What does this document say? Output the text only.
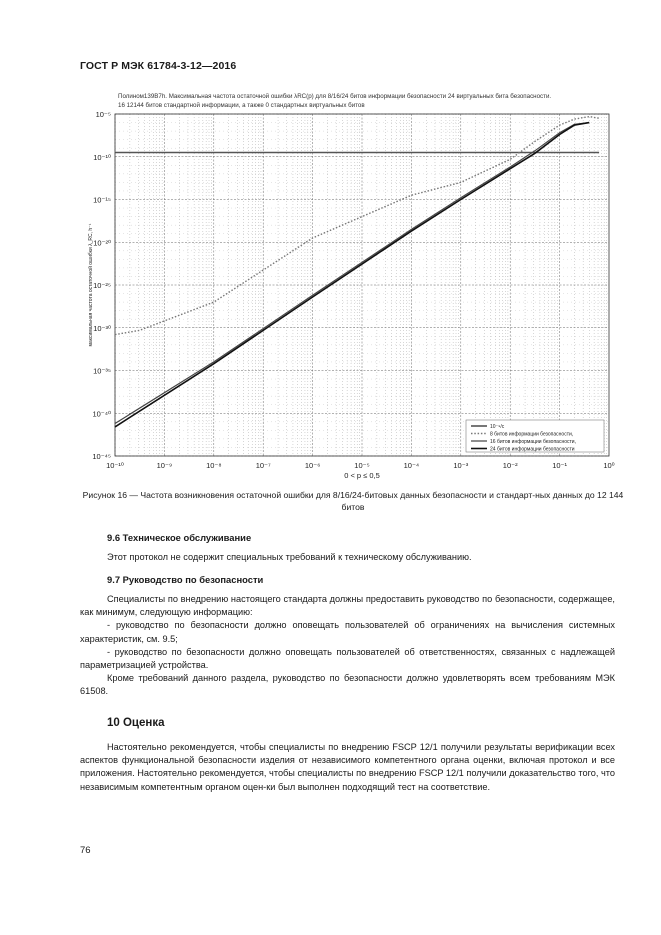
ГОСТ Р МЭК 61784-3-12—2016
Полином139B7h. Максимальная частота остаточной ошибки λRC(p) для 8/16/24 битов информации безопасности 24 виртуальных бита безопасности.
16 12144 битов стандартной информации, а также 0 стандартных виртуальных битов
10⁻¹⁰	10⁻⁹	10⁻⁸	10⁻⁷	10⁻⁶	10⁻⁵	10⁻⁴	10⁻³	10⁻²	10⁻¹	10⁰
10⁻⁵
10⁻¹⁰
10⁻¹⁵
10⁻²⁰
10⁻²⁵
10⁻³⁰
10⁻³⁵
10⁻⁴⁰
10⁻⁴⁵
0 < p ≤ 0,5
максимальная частота остаточной ошибки λ_RC, h⁻¹
10⁻⁹/с
8 битов информации безопасности,
16 битов информации безопасности,
24 битов информации безопасности
Рисунок 16 — Частота возникновения остаточной ошибки для 8/16/24-битовых данных безопасности и стандарт-ных данных до 12 144 битов
9.6 Техническое обслуживание

Этот протокол не содержит специальных требований к техническому обслуживанию.

9.7 Руководство по безопасности

Специалисты по внедрению настоящего стандарта должны предоставить руководство по безопасности, содержащее, как минимум, следующую информацию:

- руководство по безопасности должно оповещать пользователей об ограничениях на вычисления системных характеристик, см. 9.5;

- руководство по безопасности должно оповещать пользователей об ответственностях, связанных с надлежащей параметризацией устройства.

Кроме требований данного раздела, руководство по безопасности должно удовлетворять всем требованиям МЭК 61508.

10 Оценка

Настоятельно рекомендуется, чтобы специалисты по внедрению FSCP 12/1 получили результаты верификации всех аспектов функциональной безопасности изделия от независимого компетентного органа оценки, включая протокол и все приложения. Настоятельно рекомендуется, чтобы специалисты по внедрению FSCP 12/1 получили доказательство того, что независимым компетентным органом оцен-ки был выполнен подходящий тест на соответствие.

76
